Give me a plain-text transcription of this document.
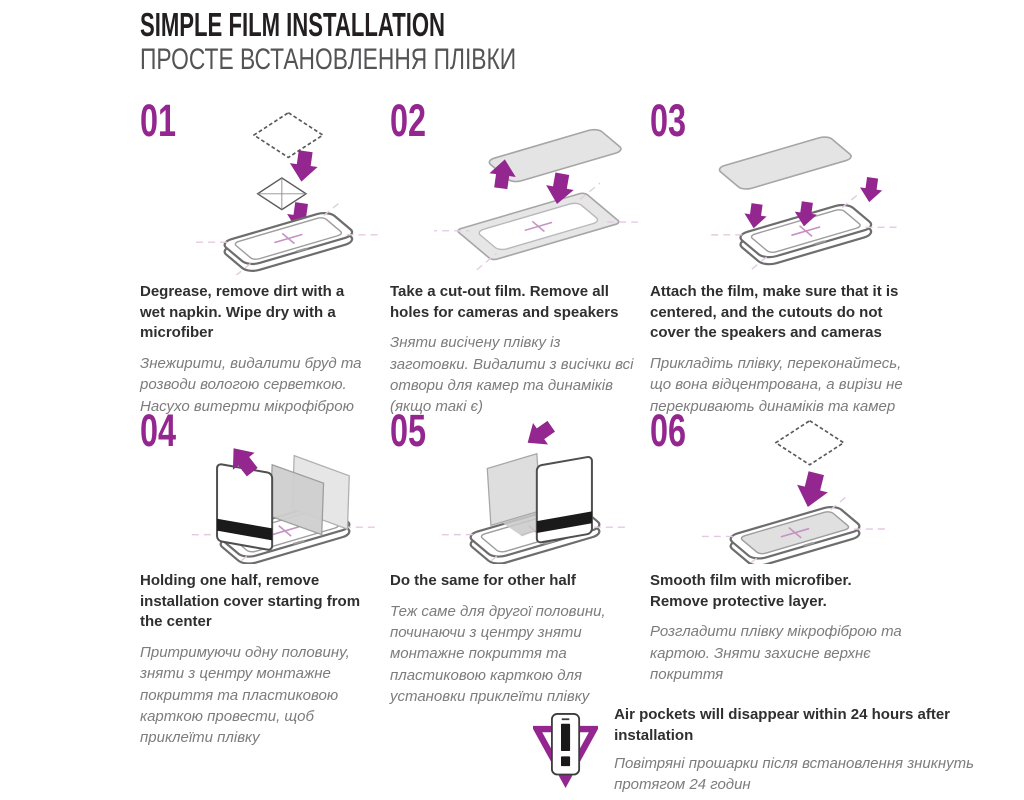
SIMPLE FILM INSTALLATION
ПРОСТЕ ВСТАНОВЛЕННЯ ПЛІВКИ
01
Degrease, remove dirt with a wet napkin. Wipe dry with a microfiber
Знежирити, видалити бруд та розводи вологою серветкою. Насухо витерти мікрофіброю
02
Take a cut-out film. Remove all holes for cameras and speakers
Зняти висічену плівку із заготовки. Видалити з висічки всі отвори для камер та динаміків (якщо такі є)
03
Attach the film, make sure that it is centered, and the cutouts do not cover the speakers and cameras
Прикладіть плівку, переконайтесь, що вона відцентрована, а вирізи не перекривають динаміків та камер
04
Holding one half, remove installation cover starting from the center
Притримуючи одну половину, зняти з центру монтажне покриття та пластиковою карткою провести, щоб приклеїти плівку
05
Do the same for other half
Теж саме для другої половини, починаючи з центру зняти монтажне покриття та пластиковою карткою для установки приклеїти плівку
06
Smooth film with microfiber. Remove protective layer.
Розгладити плівку мікрофіброю та картою. Зняти захисне верхнє покриття
Air pockets will disappear within 24 hours after installation
Повітряні прошарки після встановлення зникнуть протягом 24 годин
